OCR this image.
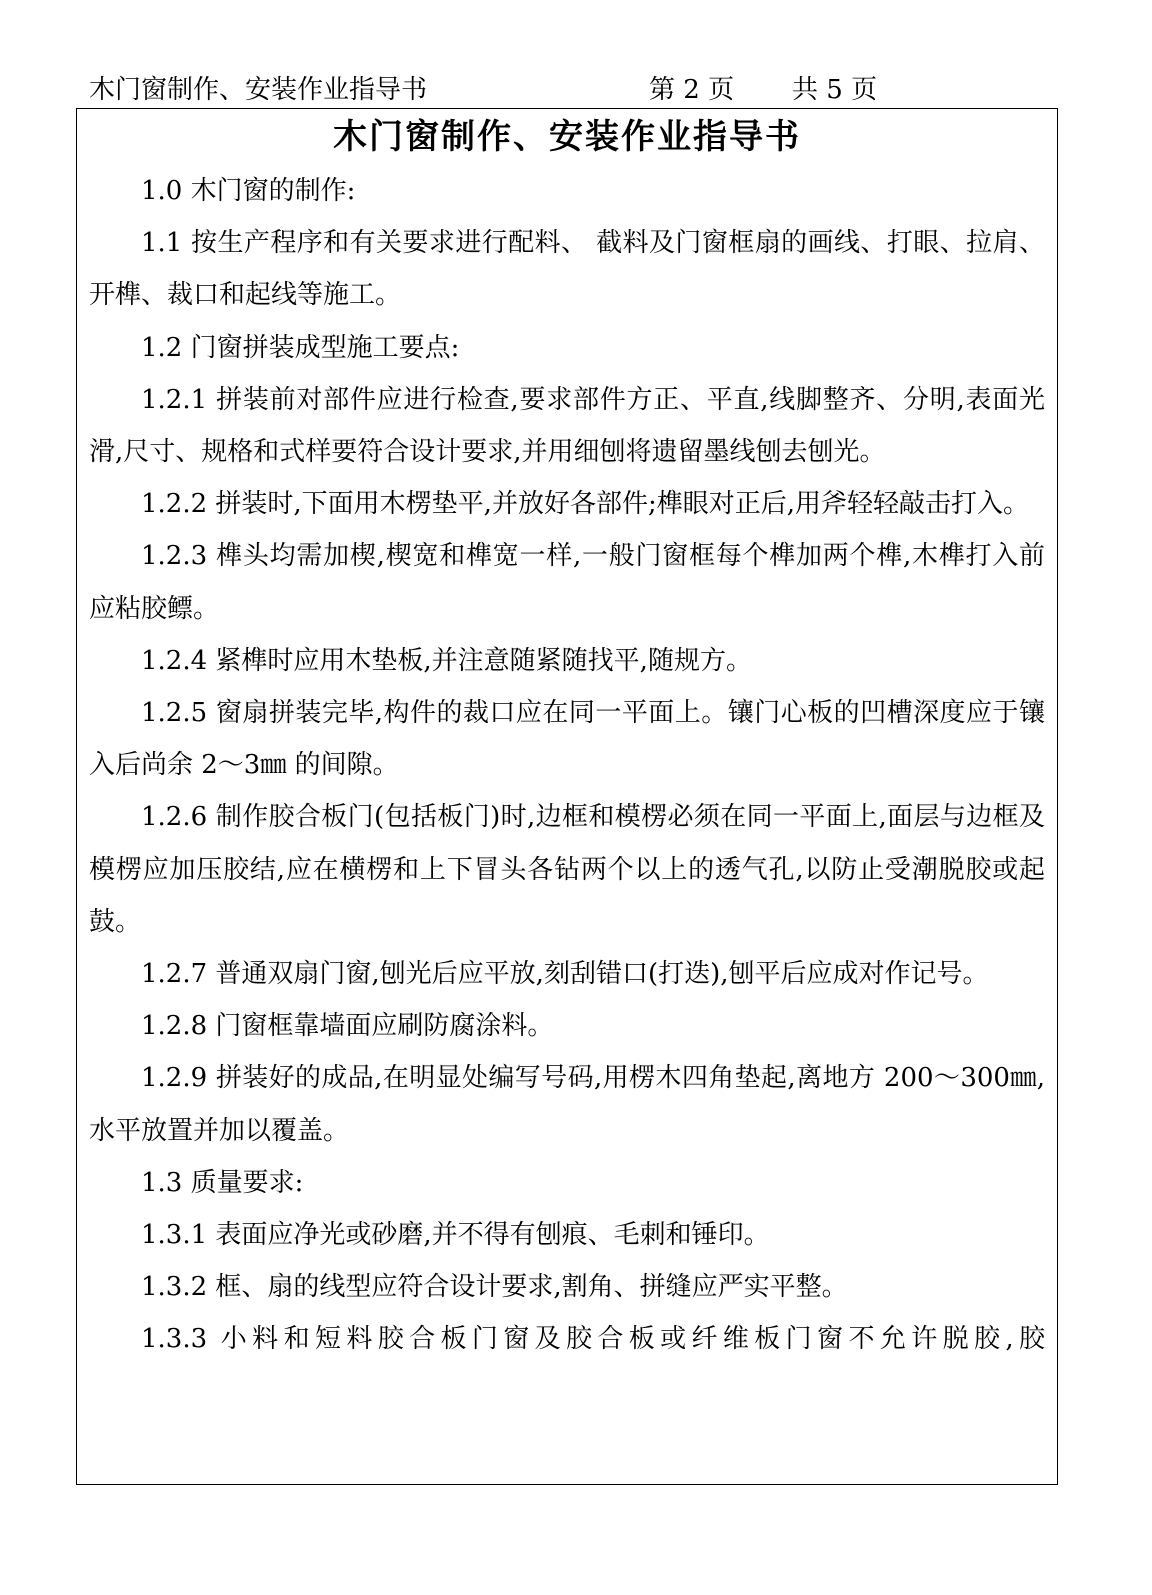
木门窗制作、安装作业指导书	第 2 页 共 5 页
木门窗制作、安装作业指导书

1.0 木门窗的制作:

1.1 按生产程序和有关要求进行配料、 截料及门窗框扇的画线、打眼、拉肩、开榫、裁口和起线等施工。

1.2 门窗拼装成型施工要点:

1.2.1 拼装前对部件应进行检查,要求部件方正、平直,线脚整齐、分明,表面光滑,尺寸、规格和式样要符合设计要求,并用细刨将遗留墨线刨去刨光。

1.2.2 拼装时,下面用木楞垫平,并放好各部件;榫眼对正后,用斧轻轻敲击打入。

1.2.3 榫头均需加楔,楔宽和榫宽一样,一般门窗框每个榫加两个榫,木榫打入前应粘胶鳔。

1.2.4 紧榫时应用木垫板,并注意随紧随找平,随规方。

1.2.5 窗扇拼装完毕,构件的裁口应在同一平面上。镶门心板的凹槽深度应于镶入后尚余 2～3㎜ 的间隙。

1.2.6 制作胶合板门(包括板门)时,边框和模楞必须在同一平面上,面层与边框及模楞应加压胶结,应在横楞和上下冒头各钻两个以上的透气孔,以防止受潮脱胶或起鼓。

1.2.7 普通双扇门窗,刨光后应平放,刻刮错口(打迭),刨平后应成对作记号。

1.2.8 门窗框靠墙面应刷防腐涂料。

1.2.9 拼装好的成品,在明显处编写号码,用楞木四角垫起,离地方 200～300㎜,水平放置并加以覆盖。

1.3 质量要求:

1.3.1 表面应净光或砂磨,并不得有刨痕、毛刺和锤印。

1.3.2 框、扇的线型应符合设计要求,割角、拼缝应严实平整。

1.3.3 小料和短料胶合板门窗及胶合板或纤维板门窗不允许脱胶,胶
